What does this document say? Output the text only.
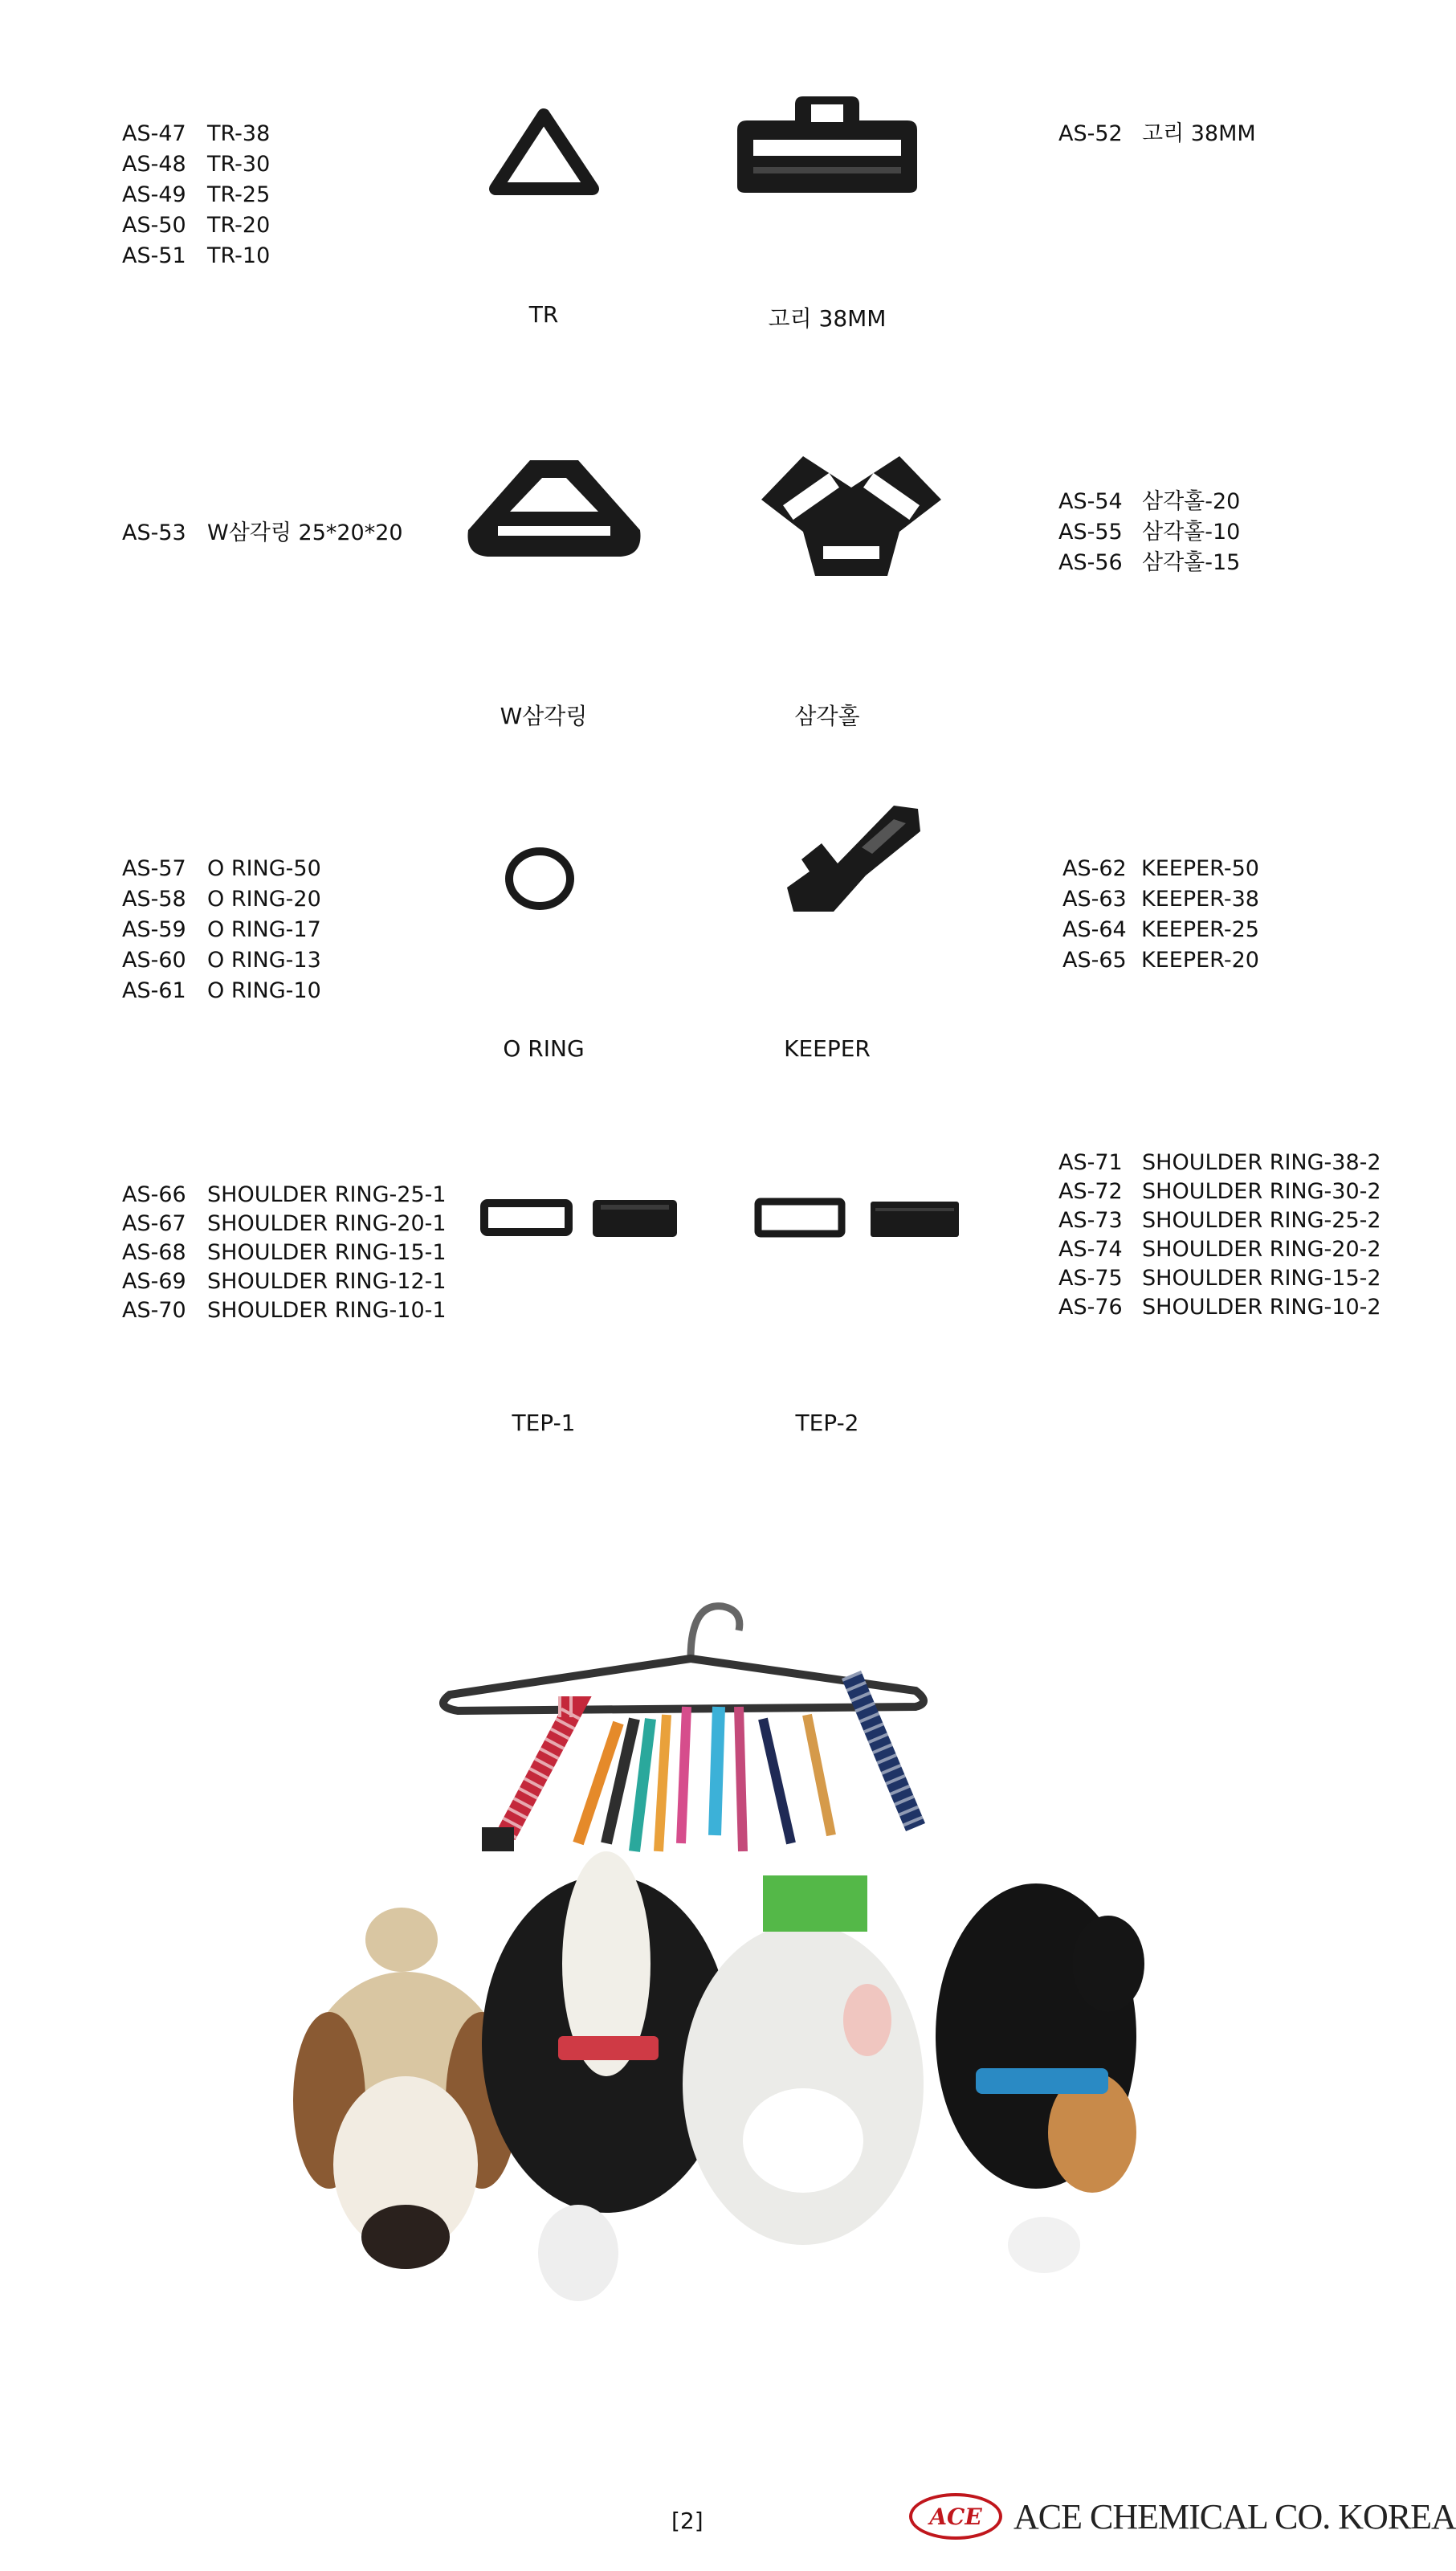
AS-47 TR-38
AS-48 TR-30
AS-49 TR-25
AS-50 TR-20
AS-51 TR-10
AS-52 고리 38MM
TR	고리 38MM
AS-53 W삼각링 25*20*20
AS-54 삼각홀-20
AS-55 삼각홀-10
AS-56 삼각홀-15
W삼각링	삼각홀
AS-57 O RING-50
AS-58 O RING-20
AS-59 O RING-17
AS-60 O RING-13
AS-61 O RING-10
AS-62 KEEPER-50
AS-63 KEEPER-38
AS-64 KEEPER-25
AS-65 KEEPER-20
O RING	KEEPER
AS-66 SHOULDER RING-25-1
AS-67 SHOULDER RING-20-1
AS-68 SHOULDER RING-15-1
AS-69 SHOULDER RING-12-1
AS-70 SHOULDER RING-10-1
AS-71 SHOULDER RING-38-2
AS-72 SHOULDER RING-30-2
AS-73 SHOULDER RING-25-2
AS-74 SHOULDER RING-20-2
AS-75 SHOULDER RING-15-2
AS-76 SHOULDER RING-10-2
TEP-1	TEP-2
[2]	ACE ACE CHEMICAL CO. KOREA
